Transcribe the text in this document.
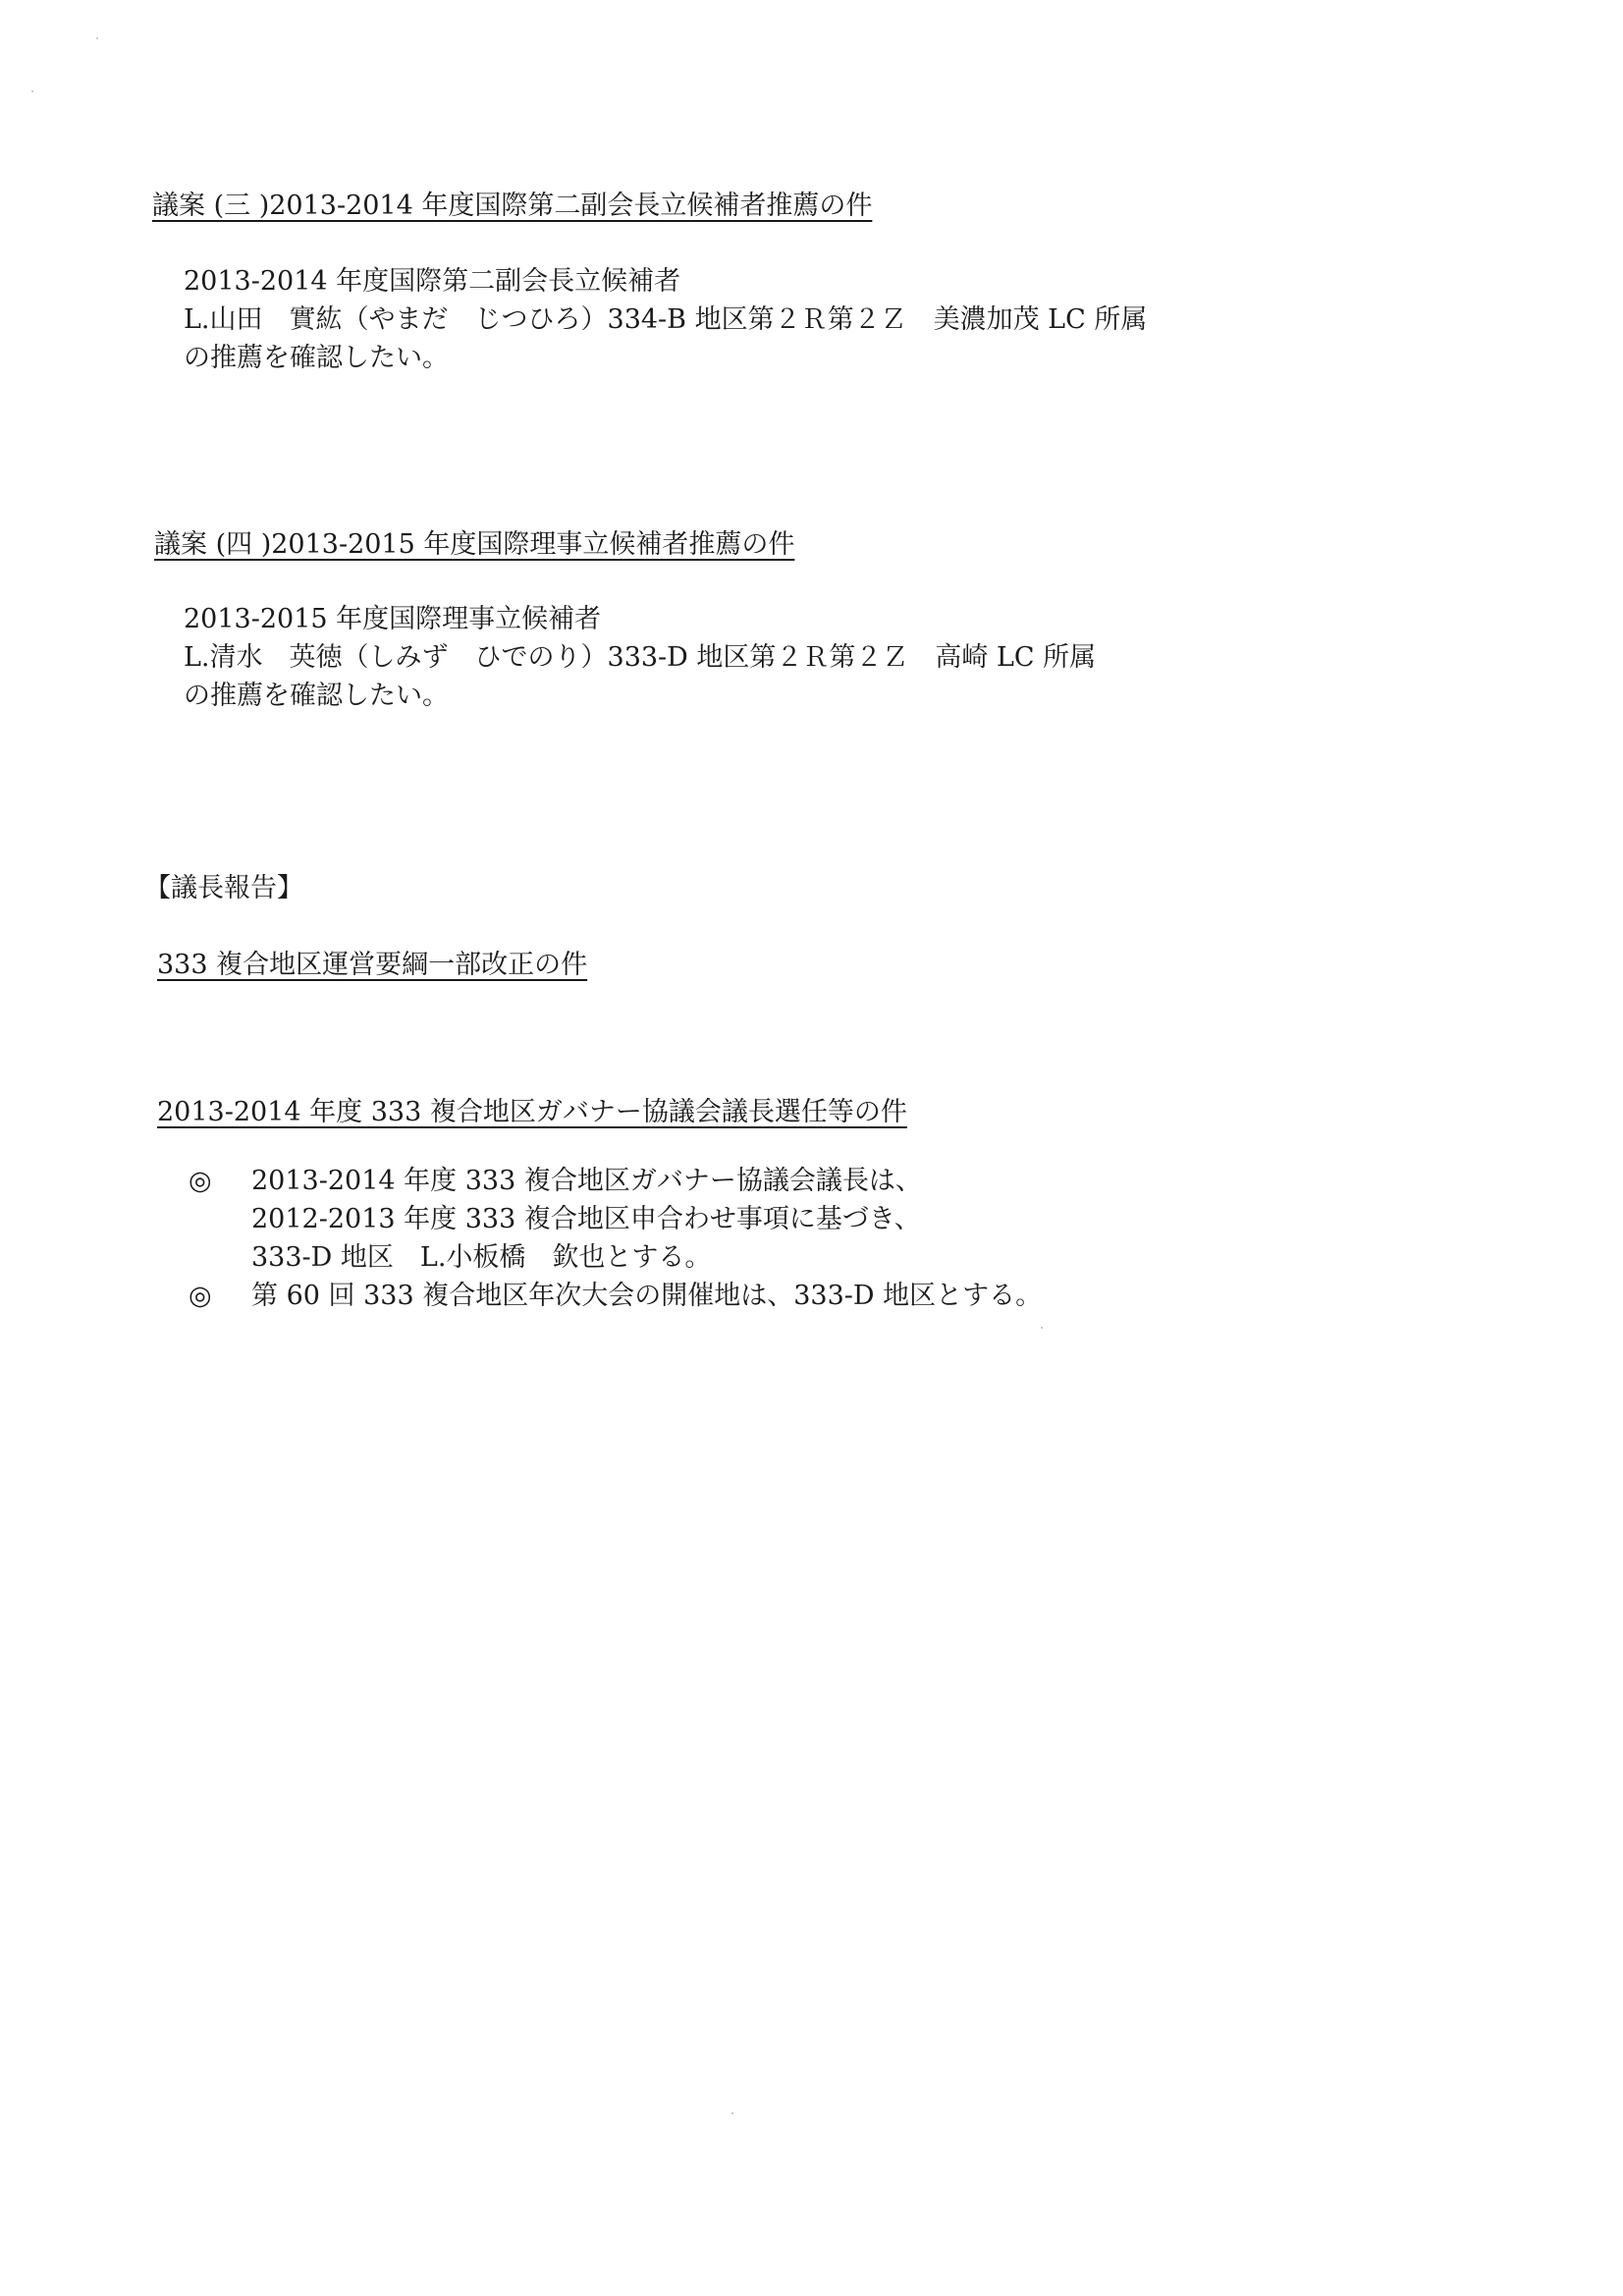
議案 (三 )2013-2014 年度国際第二副会長立候補者推薦の件

2013-2014 年度国際第二副会長立候補者

L.山田　實紘（やまだ　じつひろ）334-B 地区第２Ｒ第２Ｚ　美濃加茂 LC 所属

の推薦を確認したい。

議案 (四 )2013-2015 年度国際理事立候補者推薦の件

2013-2015 年度国際理事立候補者

L.清水　英徳（しみず　ひでのり）333-D 地区第２Ｒ第２Ｚ　高崎 LC 所属

の推薦を確認したい。

【議長報告】
333 複合地区運営要綱一部改正の件
2013-2014 年度 333 複合地区ガバナー協議会議長選任等の件
◎	2013-2014 年度 333 複合地区ガバナー協議会議長は、

2012-2013 年度 333 複合地区申合わせ事項に基づき、

333-D 地区　L.小板橋　欽也とする。

◎	第 60 回 333 複合地区年次大会の開催地は、333-D 地区とする。
